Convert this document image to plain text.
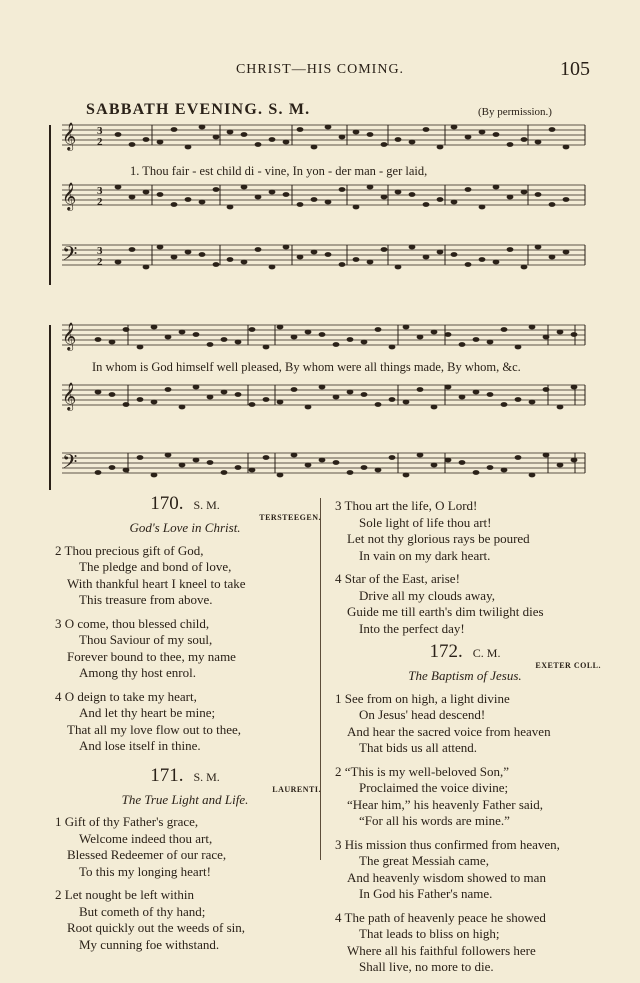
CHRIST—HIS COMING.	105
SABBATH EVENING. S. M.	(By permission.)
𝄞
𝄞
𝄢
𝄞
𝄞
𝄢
3
2
3
2
3
2
1. Thou fair - est child di - vine, In yon - der man - ger laid,
In whom is God himself well pleased, By whom were all things made, By whom, &c.
170. S. M.
TERSTEEGEN.
God's Love in Christ.
2 Thou precious gift of God,
The pledge and bond of love,
With thankful heart I kneel to take
This treasure from above.
3 O come, thou blessed child,
Thou Saviour of my soul,
Forever bound to thee, my name
Among thy host enrol.
4 O deign to take my heart,
And let thy heart be mine;
That all my love flow out to thee,
And lose itself in thine.
171. S. M.
LAURENTI.
The True Light and Life.
1 Gift of thy Father's grace,
Welcome indeed thou art,
Blessed Redeemer of our race,
To this my longing heart!
2 Let nought be left within
But cometh of thy hand;
Root quickly out the weeds of sin,
My cunning foe withstand.
3 Thou art the life, O Lord!
Sole light of life thou art!
Let not thy glorious rays be poured
In vain on my dark heart.
4 Star of the East, arise!
Drive all my clouds away,
Guide me till earth's dim twilight dies
Into the perfect day!
172. C. M.
EXETER COLL.
The Baptism of Jesus.
1 See from on high, a light divine
On Jesus' head descend!
And hear the sacred voice from heaven
That bids us all attend.
2 “This is my well-beloved Son,”
Proclaimed the voice divine;
“Hear him,” his heavenly Father said,
“For all his words are mine.”
3 His mission thus confirmed from heaven,
The great Messiah came,
And heavenly wisdom showed to man
In God his Father's name.
4 The path of heavenly peace he showed
That leads to bliss on high;
Where all his faithful followers here
Shall live, no more to die.
